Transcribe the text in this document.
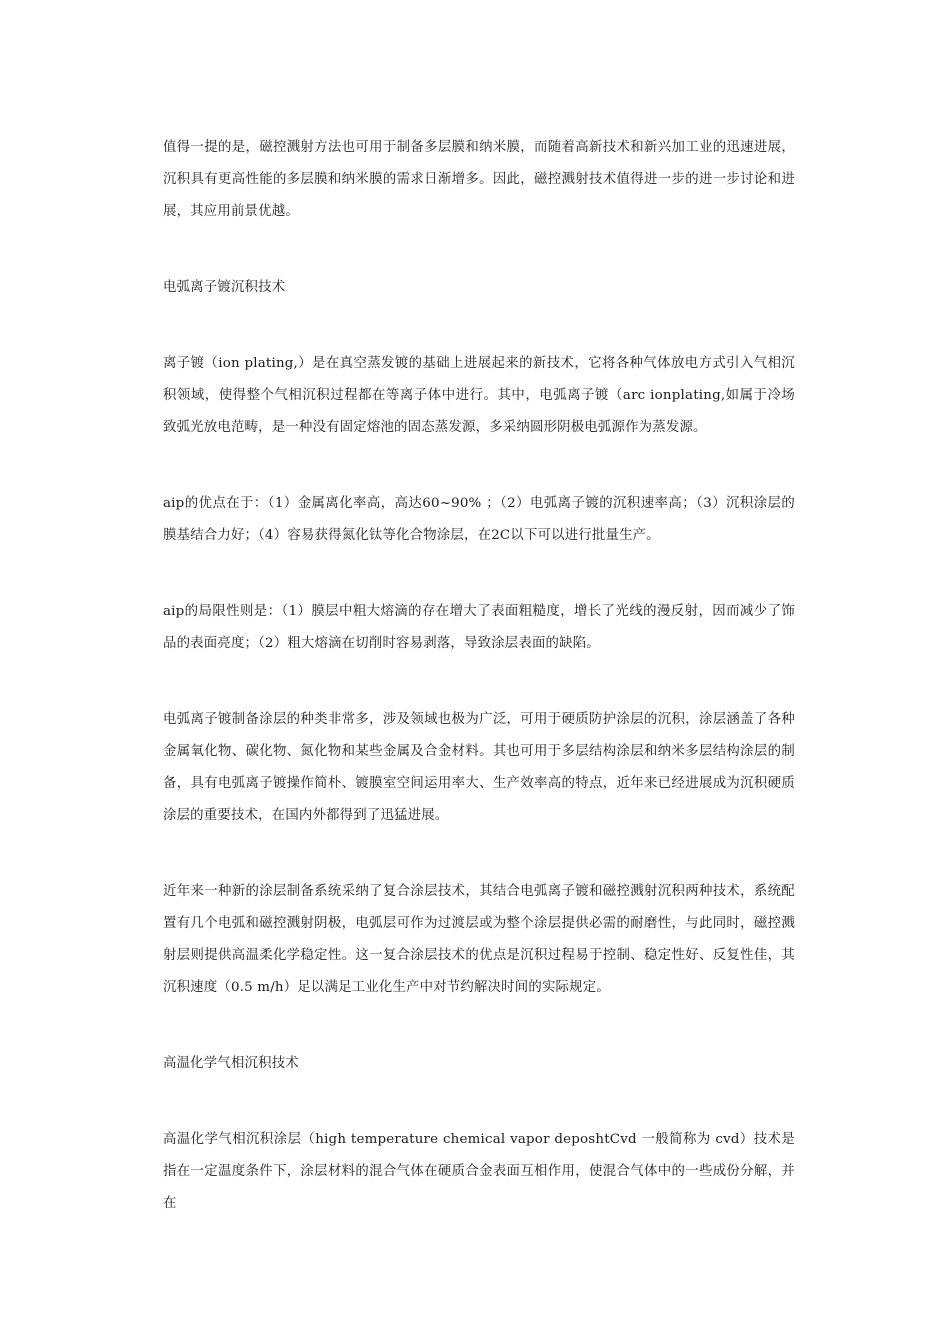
值得一提的是，磁控溅射方法也可用于制备多层膜和纳米膜，而随着高新技术和新兴加工业的迅速进展，沉积具有更高性能的多层膜和纳米膜的需求日渐增多。因此，磁控溅射技术值得进一步的进一步讨论和进展，其应用前景优越。

电弧离子镀沉积技术

离子镀（ion plating,）是在真空蒸发镀的基础上进展起来的新技术，它将各种气体放电方式引入气相沉积领域，使得整个气相沉积过程都在等离子体中进行。其中，电弧离子镀（arc ionplating,如属于冷场致弧光放电范畴，是一种没有固定熔池的固态蒸发源，多采纳圆形阴极电弧源作为蒸发源。

aip的优点在于：（1）金属离化率高，高达60~90% ；（2）电弧离子镀的沉积速率高；（3）沉积涂层的膜基结合力好；（4）容易获得氮化钛等化合物涂层，在2C以下可以进行批量生产。

aip的局限性则是：（1）膜层中粗大熔滴的存在增大了表面粗糙度，增长了光线的漫反射，因而减少了饰品的表面亮度；（2）粗大熔滴在切削时容易剥落，导致涂层表面的缺陷。

电弧离子镀制备涂层的种类非常多，涉及领域也极为广泛，可用于硬质防护涂层的沉积，涂层涵盖了各种金属氧化物、碳化物、氮化物和某些金属及合金材料。其也可用于多层结构涂层和纳米多层结构涂层的制备，具有电弧离子镀操作简朴、镀膜室空间运用率大、生产效率高的特点，近年来已经进展成为沉积硬质涂层的重要技术，在国内外都得到了迅猛进展。

近年来一种新的涂层制备系统采纳了复合涂层技术，其结合电弧离子镀和磁控溅射沉积两种技术，系统配置有几个电弧和磁控溅射阴极，电弧层可作为过渡层或为整个涂层提供必需的耐磨性，与此同时，磁控溅射层则提供高温柔化学稳定性。这一复合涂层技术的优点是沉积过程易于控制、稳定性好、反复性佳，其沉积速度（0.5 m/h）足以满足工业化生产中对节约解决时间的实际规定。

高温化学气相沉积技术

高温化学气相沉积涂层（high temperature chemical vapor deposhtCvd 一般简称为 cvd）技术是指在一定温度条件下，涂层材料的混合气体在硬质合金表面互相作用，使混合气体中的一些成份分解，并在
